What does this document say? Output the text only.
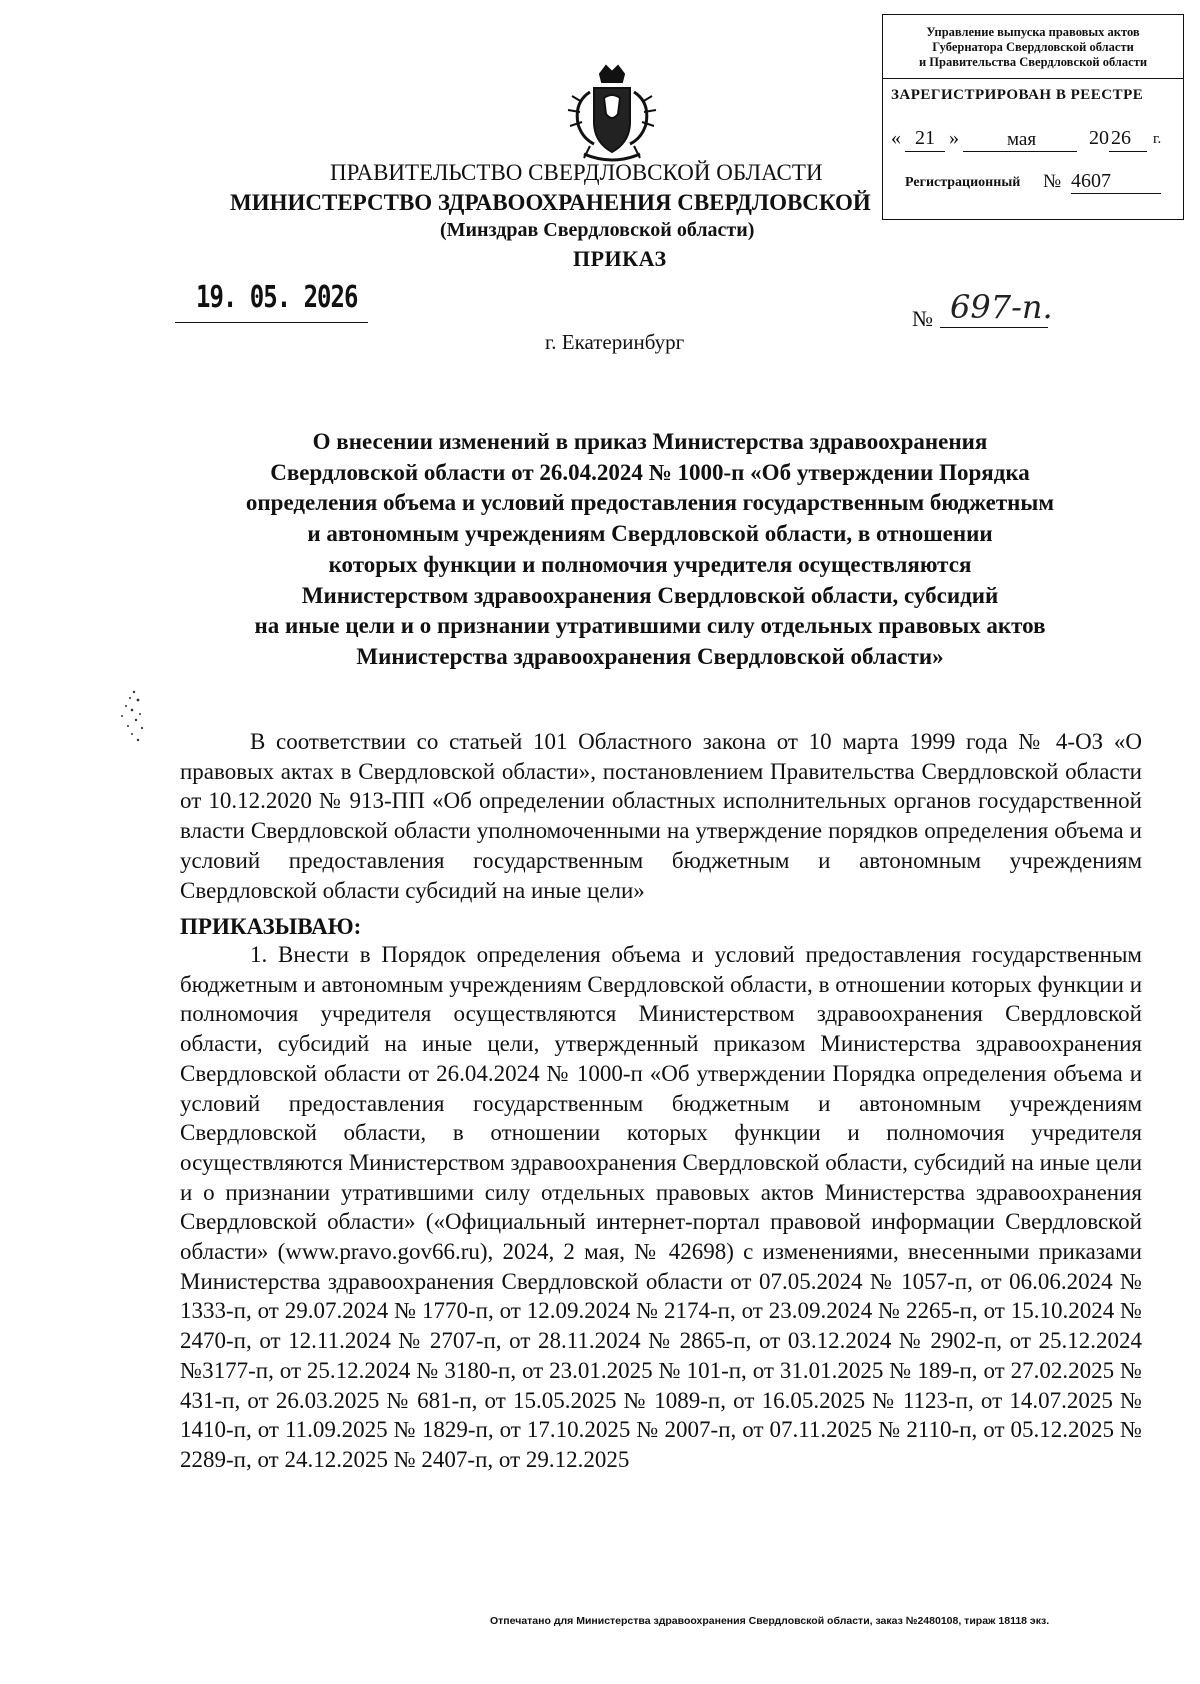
Управление выпуска правовых актов
Губернатора Свердловской области
и Правительства Свердловской области
ЗАРЕГИСТРИРОВАН В РЕЕСТРЕ
« 21 »	мая	20 26 г.
Регистрационный № 4607
ПРАВИТЕЛЬСТВО СВЕРДЛОВСКОЙ ОБЛАСТИ
МИНИСТЕРСТВО ЗДРАВООХРАНЕНИЯ СВЕРДЛОВСКОЙ
(Минздрав Свердловской области)
ПРИКАЗ
19. 05. 2026
№ 697-п.
г. Екатеринбург
О внесении изменений в приказ Министерства здравоохранения
Свердловской области от 26.04.2024 № 1000-п «Об утверждении Порядка
определения объема и условий предоставления государственным бюджетным
и автономным учреждениям Свердловской области, в отношении
которых функции и полномочия учредителя осуществляются
Министерством здравоохранения Свердловской области, субсидий
на иные цели и о признании утратившими силу отдельных правовых актов
Министерства здравоохранения Свердловской области»
В соответствии со статьей 101 Областного закона от 10 марта 1999 года № 4-ОЗ «О правовых актах в Свердловской области», постановлением Правительства Свердловской области от 10.12.2020 № 913-ПП «Об определении областных исполнительных органов государственной власти Свердловской области уполномоченными на утверждение порядков определения объема и условий предоставления государственным бюджетным и автономным учреждениям Свердловской области субсидий на иные цели»
ПРИКАЗЫВАЮ:
1. Внести в Порядок определения объема и условий предоставления государственным бюджетным и автономным учреждениям Свердловской области, в отношении которых функции и полномочия учредителя осуществляются Министерством здравоохранения Свердловской области, субсидий на иные цели, утвержденный приказом Министерства здравоохранения Свердловской области от 26.04.2024 № 1000-п «Об утверждении Порядка определения объема и условий предоставления государственным бюджетным и автономным учреждениям Свердловской области, в отношении которых функции и полномочия учредителя осуществляются Министерством здравоохранения Свердловской области, субсидий на иные цели и о признании утратившими силу отдельных правовых актов Министерства здравоохранения Свердловской области» («Официальный интернет-портал правовой информации Свердловской области» (www.pravo.gov66.ru), 2024, 2 мая, № 42698) с изменениями, внесенными приказами Министерства здравоохранения Свердловской области от 07.05.2024 № 1057-п, от 06.06.2024 № 1333-п, от 29.07.2024 № 1770-п, от 12.09.2024 № 2174-п, от 23.09.2024 № 2265-п, от 15.10.2024 № 2470-п, от 12.11.2024 № 2707-п, от 28.11.2024 № 2865-п, от 03.12.2024 № 2902-п, от 25.12.2024 №3177-п, от 25.12.2024 № 3180-п, от 23.01.2025 № 101-п, от 31.01.2025 № 189-п, от 27.02.2025 № 431-п, от 26.03.2025 № 681-п, от 15.05.2025 № 1089-п, от 16.05.2025 № 1123-п, от 14.07.2025 № 1410-п, от 11.09.2025 № 1829-п, от 17.10.2025 № 2007-п, от 07.11.2025 № 2110-п, от 05.12.2025 № 2289-п, от 24.12.2025 № 2407-п, от 29.12.2025
Отпечатано для Министерства здравоохранения Свердловской области, заказ №2480108, тираж 18118 экз.
